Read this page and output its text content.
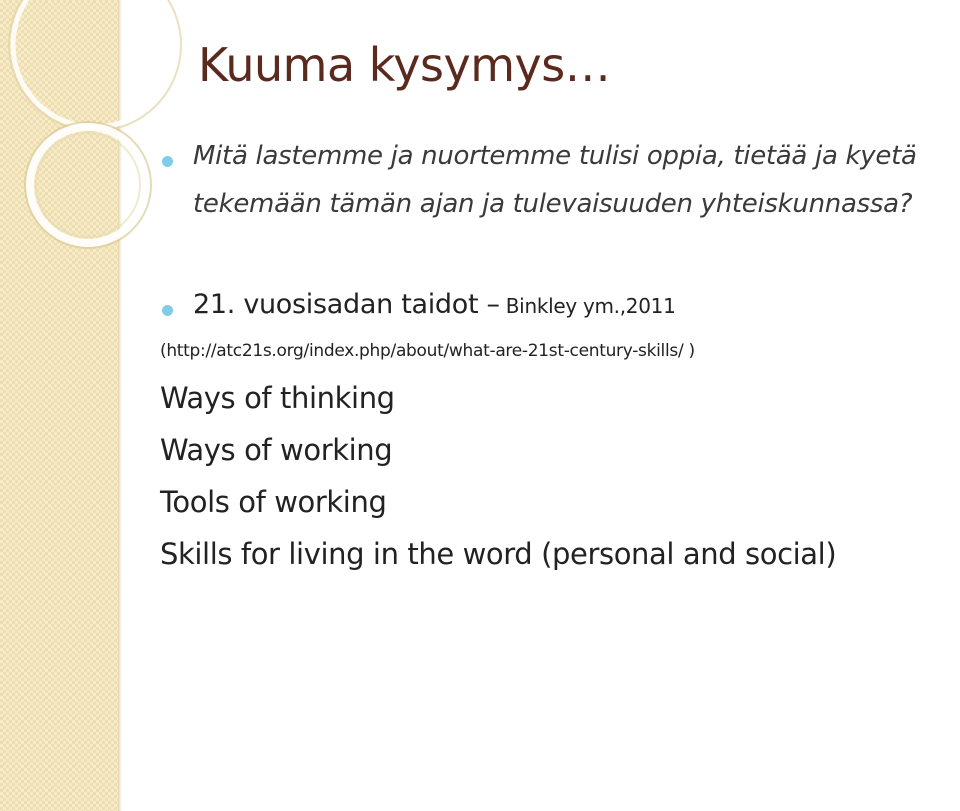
Kuuma kysymys…
Mitä lastemme ja nuortemme tulisi oppia, tietää ja kyetä
tekemään tämän ajan ja tulevaisuuden yhteiskunnassa?
21. vuosisadan taidot – Binkley ym.,2011
(http://atc21s.org/index.php/about/what-are-21st-century-skills/ )
Ways of thinking
Ways of working
Tools of working
Skills for living in the word (personal and social)
